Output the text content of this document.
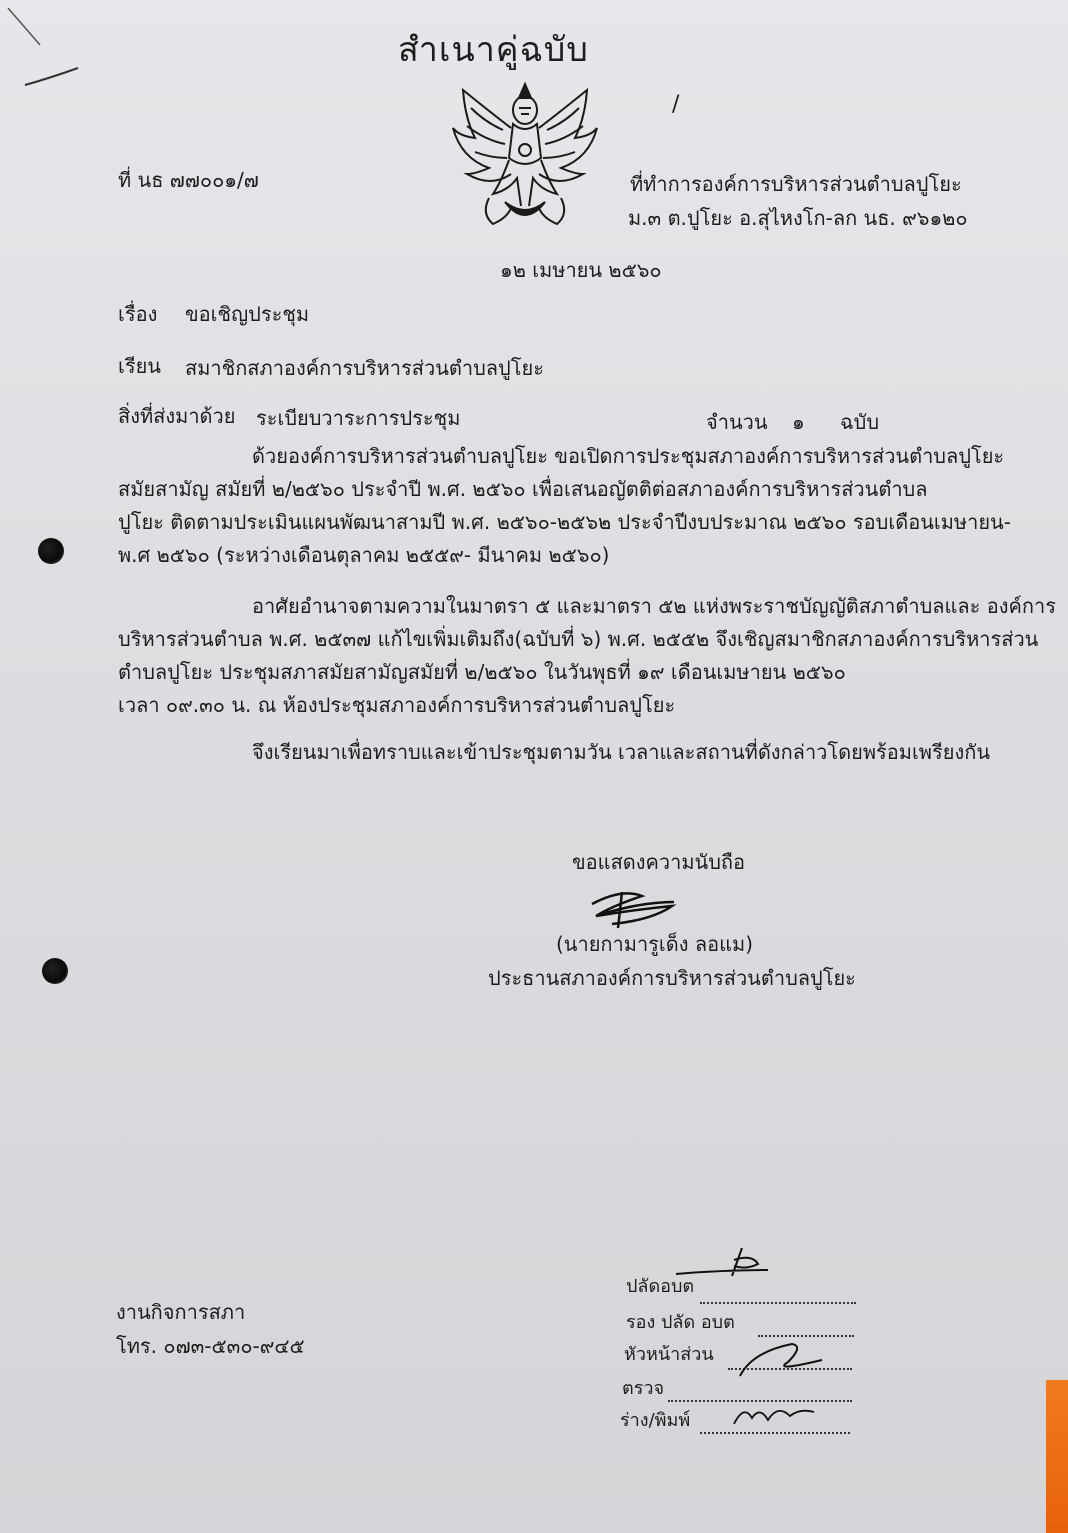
สำเนาคู่ฉบับ
/
ที่ นธ ๗๗๐๐๑/๗	ที่ทำการองค์การบริหารส่วนตำบลปูโยะ
ม.๓ ต.ปูโยะ อ.สุไหงโก-ลก นธ. ๙๖๑๒๐
๑๒ เมษายน ๒๕๖๐
เรื่อง ขอเชิญประชุม
เรียน สมาชิกสภาองค์การบริหารส่วนตำบลปูโยะ
สิ่งที่ส่งมาด้วย ระเบียบวาระการประชุม	จำนวน ๑ ฉบับ
ด้วยองค์การบริหารส่วนตำบลปูโยะ ขอเปิดการประชุมสภาองค์การบริหารส่วนตำบลปูโยะ
สมัยสามัญ สมัยที่ ๒/๒๕๖๐ ประจำปี พ.ศ. ๒๕๖๐ เพื่อเสนอญัตติต่อสภาองค์การบริหารส่วนตำบล
ปูโยะ ติดตามประเมินแผนพัฒนาสามปี พ.ศ. ๒๕๖๐-๒๕๖๒ ประจำปีงบประมาณ ๒๕๖๐ รอบเดือนเมษายน-
พ.ศ ๒๕๖๐ (ระหว่างเดือนตุลาคม ๒๕๕๙- มีนาคม ๒๕๖๐)
อาศัยอำนาจตามความในมาตรา ๕ และมาตรา ๕๒ แห่งพระราชบัญญัติสภาตำบลและ องค์การ
บริหารส่วนตำบล พ.ศ. ๒๕๓๗ แก้ไขเพิ่มเติมถึง(ฉบับที่ ๖) พ.ศ. ๒๕๕๒ จึงเชิญสมาชิกสภาองค์การบริหารส่วน
ตำบลปูโยะ ประชุมสภาสมัยสามัญสมัยที่ ๒/๒๕๖๐ ในวันพุธที่ ๑๙ เดือนเมษายน ๒๕๖๐
เวลา ๐๙.๓๐ น. ณ ห้องประชุมสภาองค์การบริหารส่วนตำบลปูโยะ
จึงเรียนมาเพื่อทราบและเข้าประชุมตามวัน เวลาและสถานที่ดังกล่าวโดยพร้อมเพรียงกัน
ขอแสดงความนับถือ
(นายกามารูเด็ง ลอแม)
ประธานสภาองค์การบริหารส่วนตำบลปูโยะ
งานกิจการสภา
โทร. ๐๗๓-๕๓๐-๙๔๕
ปลัดอบต
รอง ปลัด อบต
หัวหน้าส่วน
ตรวจ
ร่าง/พิมพ์
